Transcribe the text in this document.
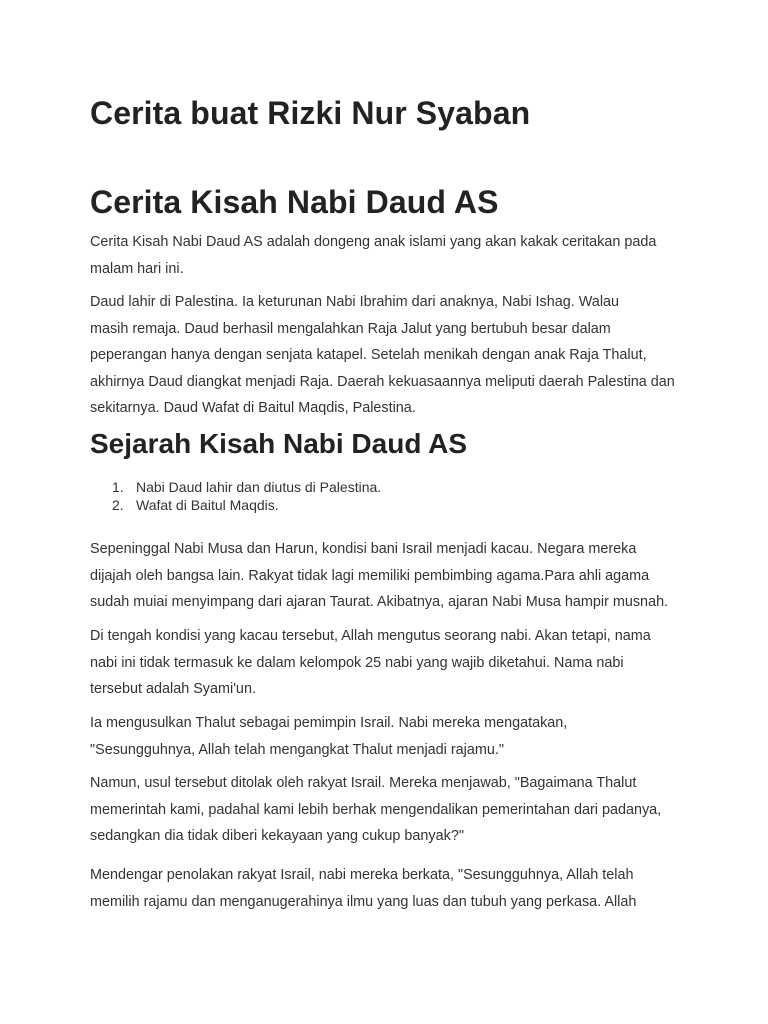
Cerita buat Rizki Nur Syaban
Cerita Kisah Nabi Daud AS

Cerita Kisah Nabi Daud AS adalah dongeng anak islami yang akan kakak ceritakan pada
malam hari ini.

Daud lahir di Palestina. Ia keturunan Nabi Ibrahim dari anaknya, Nabi Ishag. Walau
masih remaja. Daud berhasil mengalahkan Raja Jalut yang bertubuh besar dalam
peperangan hanya dengan senjata katapel. Setelah menikah dengan anak Raja Thalut,
akhirnya Daud diangkat menjadi Raja. Daerah kekuasaannya meliputi daerah Palestina dan
sekitarnya. Daud Wafat di Baitul Maqdis, Palestina.

Sejarah Kisah Nabi Daud AS
1. Nabi Daud lahir dan diutus di Palestina.
2. Wafat di Baitul Maqdis.

Sepeninggal Nabi Musa dan Harun, kondisi bani Israil menjadi kacau. Negara mereka
dijajah oleh bangsa lain. Rakyat tidak lagi memiliki pembimbing agama.Para ahli agama
sudah muiai menyimpang dari ajaran Taurat. Akibatnya, ajaran Nabi Musa hampir musnah.

Di tengah kondisi yang kacau tersebut, Allah mengutus seorang nabi. Akan tetapi, nama
nabi ini tidak termasuk ke dalam kelompok 25 nabi yang wajib diketahui. Nama nabi
tersebut adalah Syami'un.

Ia mengusulkan Thalut sebagai pemimpin Israil. Nabi mereka mengatakan,
"Sesungguhnya, Allah telah mengangkat Thalut menjadi rajamu."

Namun, usul tersebut ditolak oleh rakyat Israil. Mereka menjawab, "Bagaimana Thalut
memerintah kami, padahal kami lebih berhak mengendalikan pemerintahan dari padanya,
sedangkan dia tidak diberi kekayaan yang cukup banyak?"

Mendengar penolakan rakyat Israil, nabi mereka berkata, "Sesungguhnya, Allah telah
memilih rajamu dan menganugerahinya ilmu yang luas dan tubuh yang perkasa. Allah
